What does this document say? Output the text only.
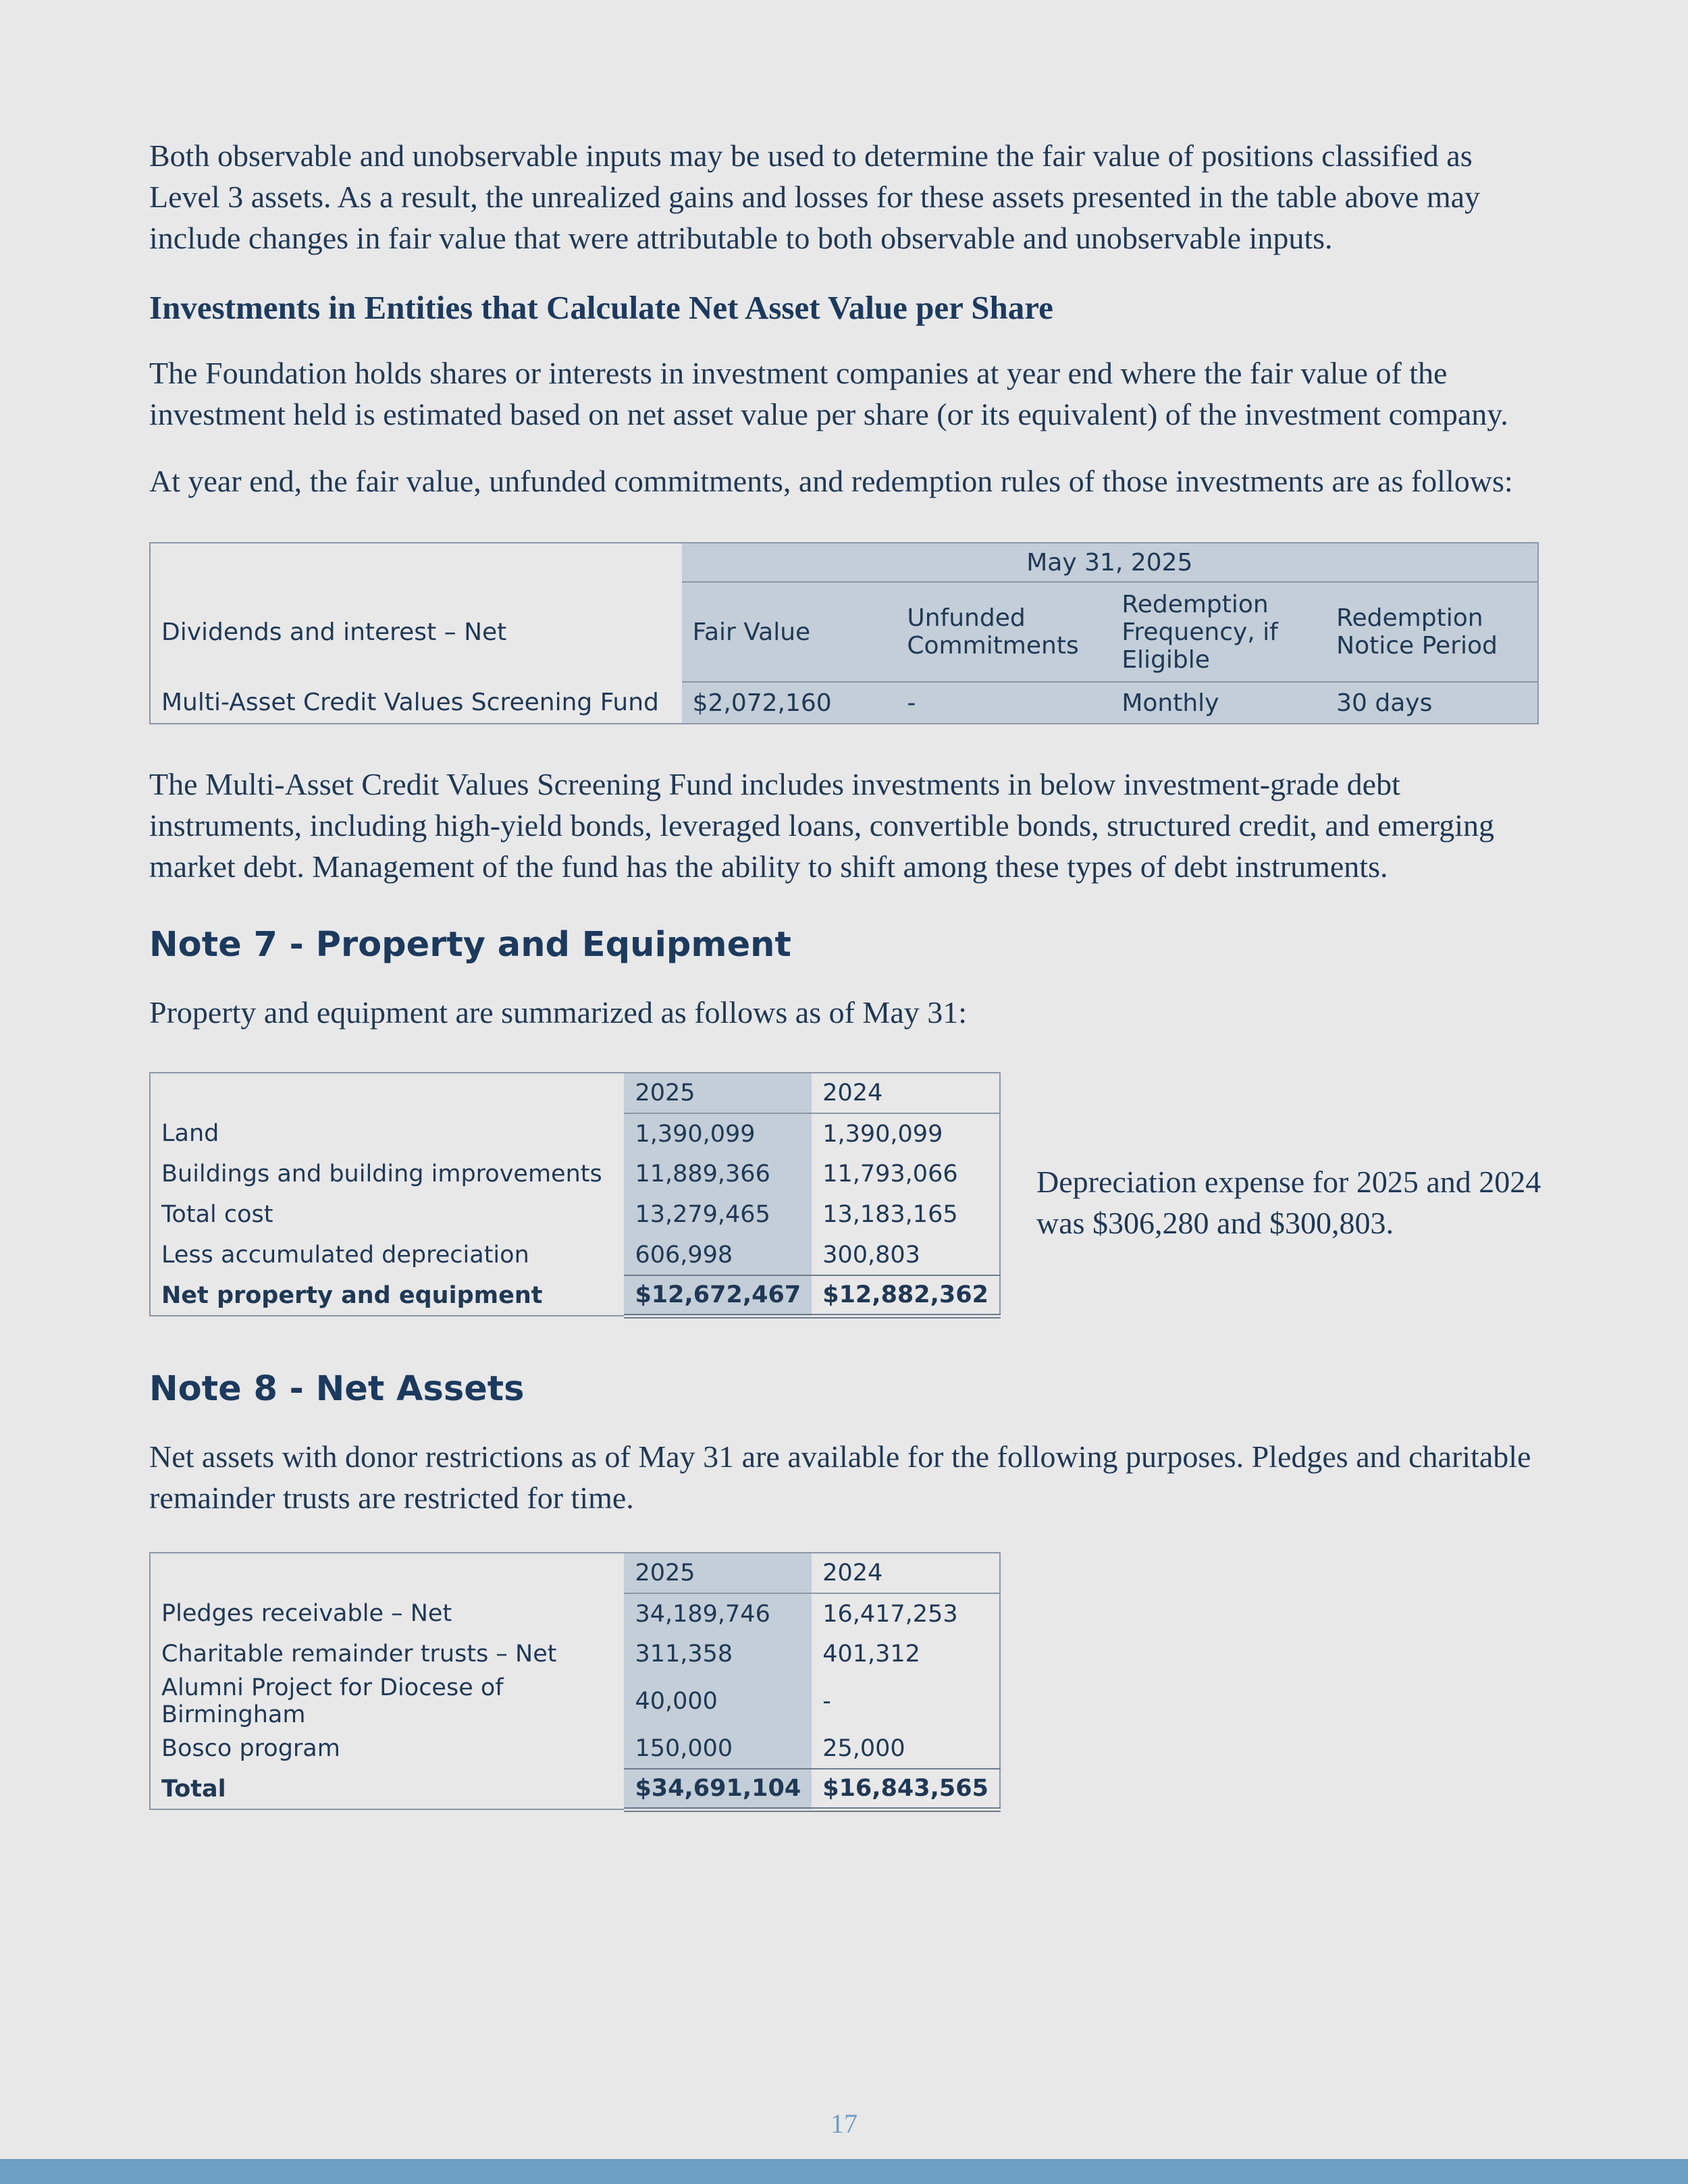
Both observable and unobservable inputs may be used to determine the fair value of positions classified as Level 3 assets. As a result, the unrealized gains and losses for these assets presented in the table above may include changes in fair value that were attributable to both observable and unobservable inputs.

Investments in Entities that Calculate Net Asset Value per Share

The Foundation holds shares or interests in investment companies at year end where the fair value of the investment held is estimated based on net asset value per share (or its equivalent) of the investment company.

At year end, the fair value, unfunded commitments, and redemption rules of those investments are as follows:

	May 31, 2025			
Dividends and interest – Net	Fair Value	Unfunded Commitments	Redemption Frequency, if Eligible	Redemption Notice Period
Multi-Asset Credit Values Screening Fund	$2,072,160	-	Monthly	30 days

The Multi-Asset Credit Values Screening Fund includes investments in below investment-grade debt instruments, including high-yield bonds, leveraged loans, convertible bonds, structured credit, and emerging market debt. Management of the fund has the ability to shift among these types of debt instruments.

Note 7 - Property and Equipment

Property and equipment are summarized as follows as of May 31:

	2025	2024
Land	1,390,099	1,390,099
Buildings and building improvements	11,889,366	11,793,066
Total cost	13,279,465	13,183,165
Less accumulated depreciation	606,998	300,803
Net property and equipment	$12,672,467	$12,882,362

Depreciation expense for 2025 and 2024 was $306,280 and $300,803.

Note 8 - Net Assets

Net assets with donor restrictions as of May 31 are available for the following purposes. Pledges and charitable remainder trusts are restricted for time.

	2025	2024
Pledges receivable – Net	34,189,746	16,417,253
Charitable remainder trusts – Net	311,358	401,312
Alumni Project for Diocese of Birmingham	40,000	-
Bosco program	150,000	25,000
Total	$34,691,104	$16,843,565
17
